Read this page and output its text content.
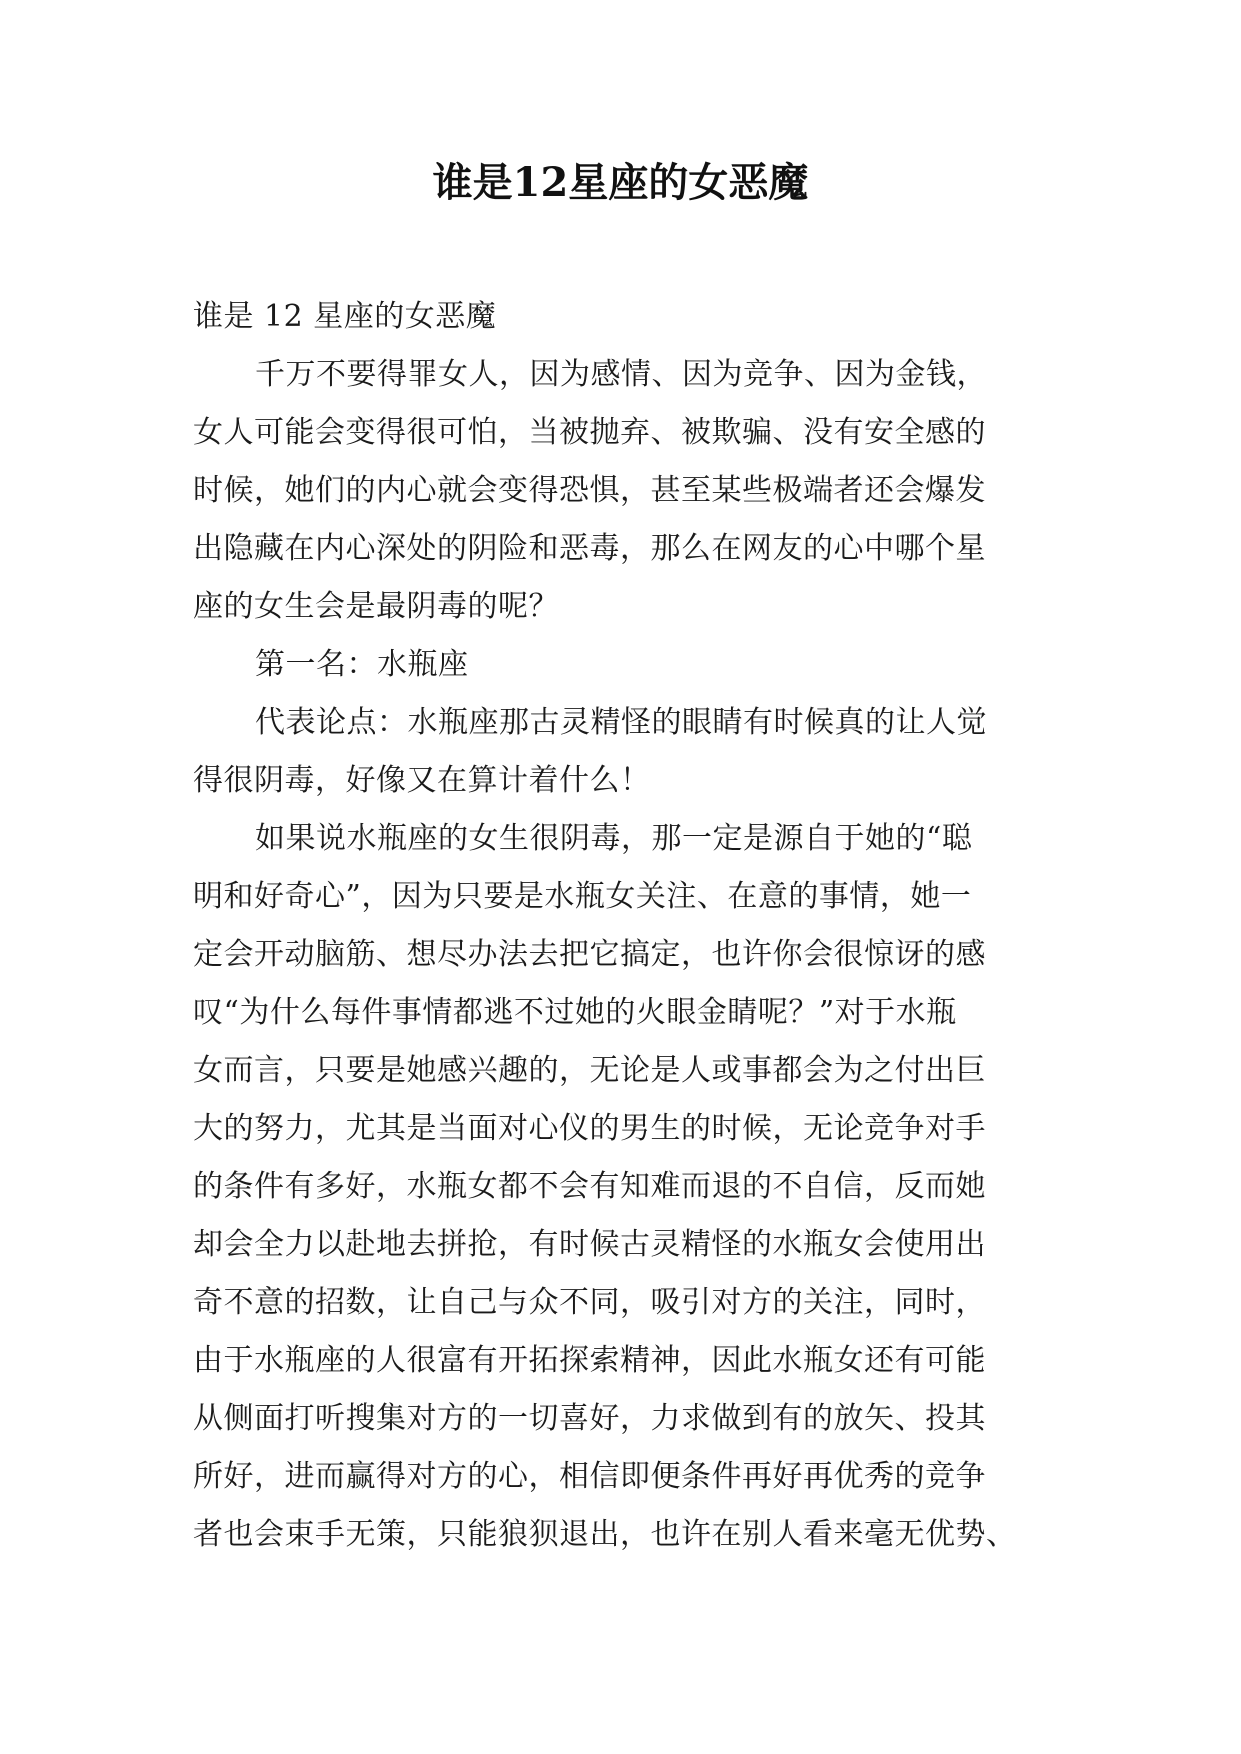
谁是12星座的女恶魔
谁是 12 星座的女恶魔
千万不要得罪女人，因为感情、因为竞争、因为金钱，
女人可能会变得很可怕，当被抛弃、被欺骗、没有安全感的
时候，她们的内心就会变得恐惧，甚至某些极端者还会爆发
出隐藏在内心深处的阴险和恶毒，那么在网友的心中哪个星
座的女生会是最阴毒的呢？
第一名：水瓶座
代表论点：水瓶座那古灵精怪的眼睛有时候真的让人觉
得很阴毒，好像又在算计着什么！
如果说水瓶座的女生很阴毒，那一定是源自于她的“聪
明和好奇心”，因为只要是水瓶女关注、在意的事情，她一
定会开动脑筋、想尽办法去把它搞定，也许你会很惊讶的感
叹“为什么每件事情都逃不过她的火眼金睛呢？”对于水瓶
女而言，只要是她感兴趣的，无论是人或事都会为之付出巨
大的努力，尤其是当面对心仪的男生的时候，无论竞争对手
的条件有多好，水瓶女都不会有知难而退的不自信，反而她
却会全力以赴地去拼抢，有时候古灵精怪的水瓶女会使用出
奇不意的招数，让自己与众不同，吸引对方的关注，同时，
由于水瓶座的人很富有开拓探索精神，因此水瓶女还有可能
从侧面打听搜集对方的一切喜好，力求做到有的放矢、投其
所好，进而赢得对方的心，相信即便条件再好再优秀的竞争
者也会束手无策，只能狼狈退出，也许在别人看来毫无优势、
